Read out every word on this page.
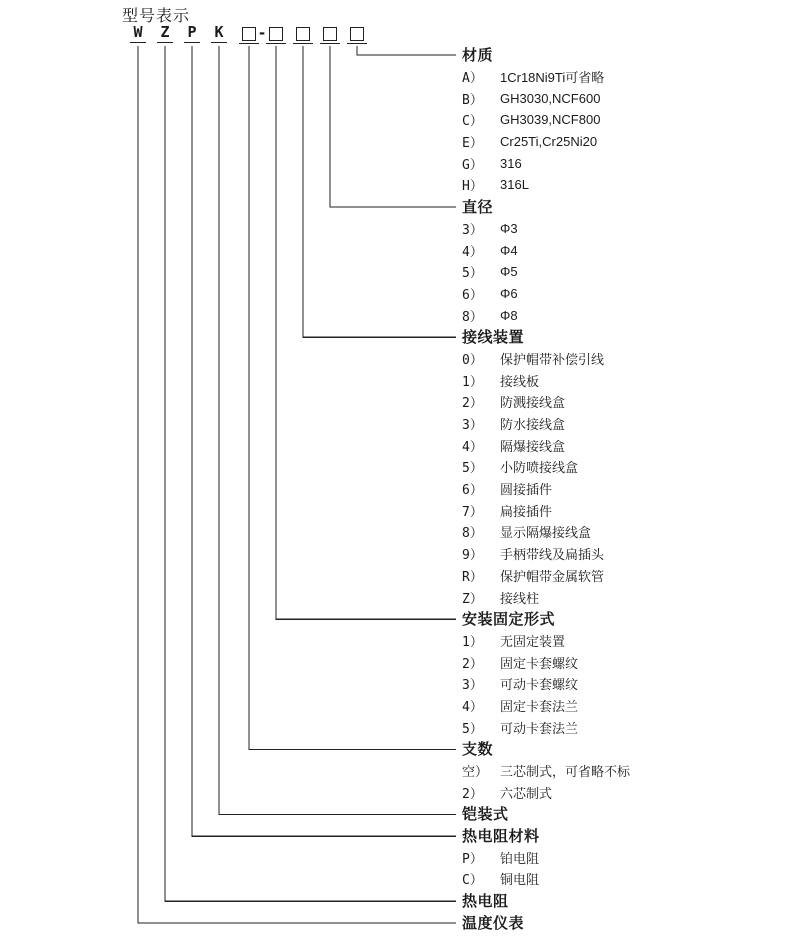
型号表示
W Z P K -
材质
A）	1Cr18Ni9Ti可省略
B）	GH3030,NCF600
C）	GH3039,NCF800
E）	Cr25Ti,Cr25Ni20
G）	316
H）	316L
直径
3）	Φ3
4）	Φ4
5）	Φ5
6）	Φ6
8）	Φ8
接线装置
0）	保护帽带补偿引线
1）	接线板
2）	防溅接线盒
3）	防水接线盒
4）	隔爆接线盒
5）	小防喷接线盒
6）	圆接插件
7）	扁接插件
8）	显示隔爆接线盒
9）	手柄带线及扁插头
R）	保护帽带金属软管
Z）	接线柱
安装固定形式
1）	无固定装置
2）	固定卡套螺纹
3）	可动卡套螺纹
4）	固定卡套法兰
5）	可动卡套法兰
支数
空） 三芯制式，可省略不标
2）	六芯制式
铠装式
热电阻材料
P）	铂电阻
C）	铜电阻
热电阻
温度仪表
